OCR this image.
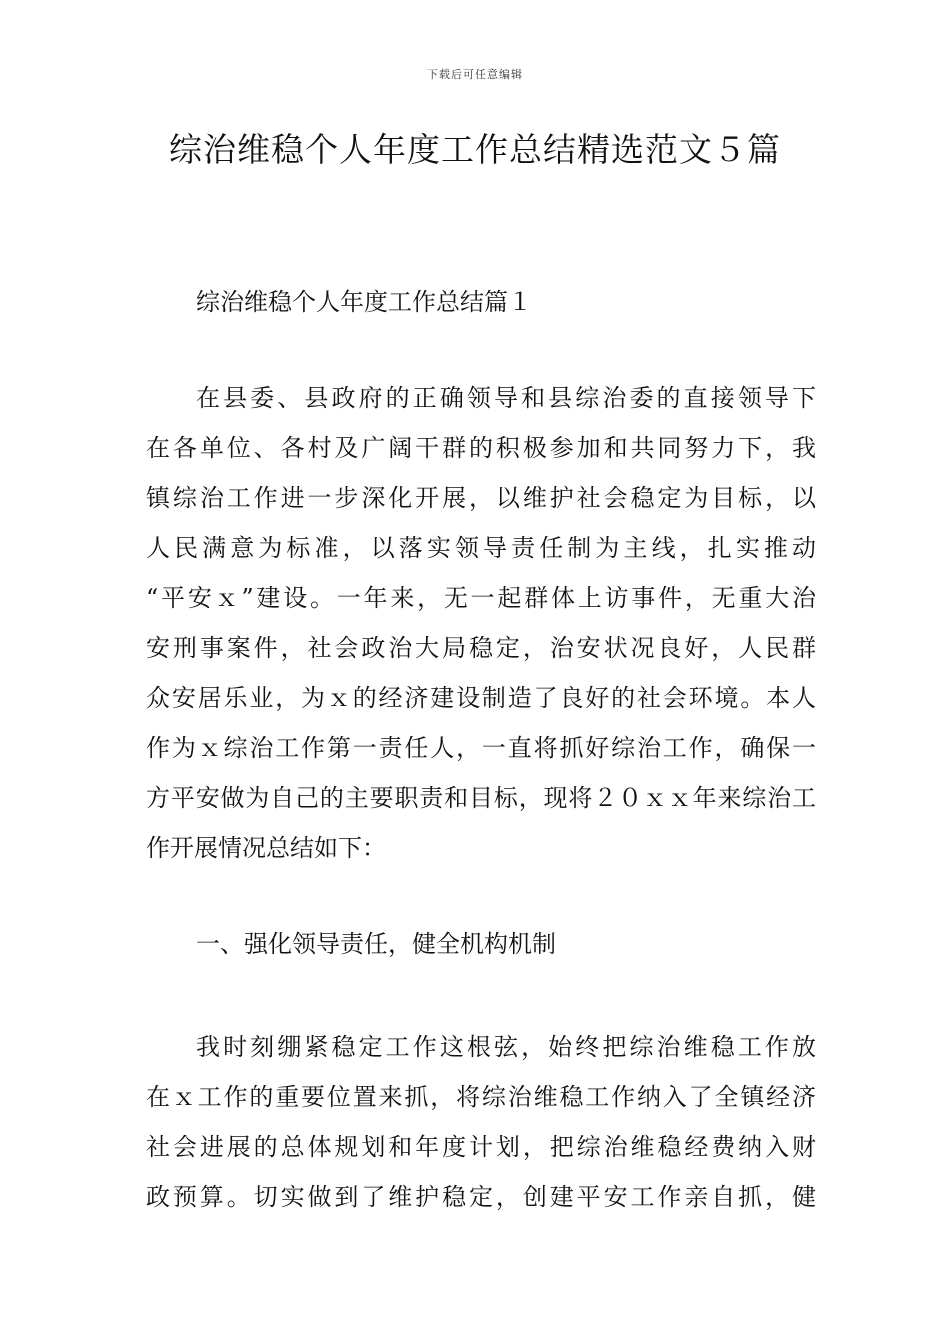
下载后可任意编辑
综治维稳个人年度工作总结精选范文５篇
综治维稳个人年度工作总结篇１
在县委、县政府的正确领导和县综治委的直接领导下
在各单位、各村及广阔干群的积极参加和共同努力下，我
镇综治工作进一步深化开展，以维护社会稳定为目标，以
人民满意为标准，以落实领导责任制为主线，扎实推动
“平安ｘ”建设。一年来，无一起群体上访事件，无重大治
安刑事案件，社会政治大局稳定，治安状况良好，人民群
众安居乐业，为ｘ的经济建设制造了良好的社会环境。本人
作为ｘ综治工作第一责任人，一直将抓好综治工作，确保一
方平安做为自己的主要职责和目标，现将２０ｘｘ年来综治工
作开展情况总结如下：
一、强化领导责任，健全机构机制
我时刻绷紧稳定工作这根弦，始终把综治维稳工作放
在ｘ工作的重要位置来抓，将综治维稳工作纳入了全镇经济
社会进展的总体规划和年度计划，把综治维稳经费纳入财
政预算。切实做到了维护稳定，创建平安工作亲自抓，健
